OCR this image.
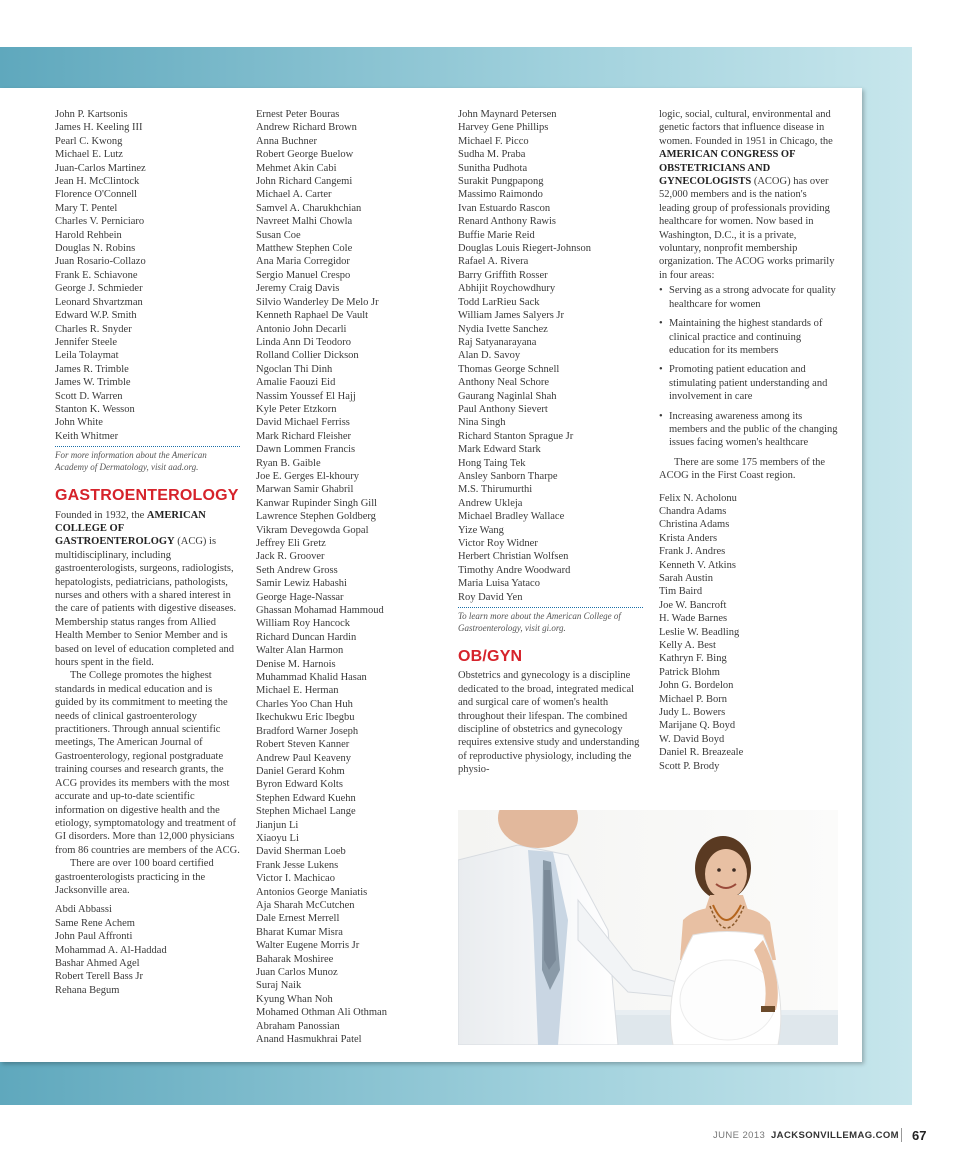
John P. Kartsonis
James H. Keeling III
Pearl C. Kwong
Michael E. Lutz
Juan-Carlos Martinez
Jean H. McClintock
Florence O'Connell
Mary T. Pentel
Charles V. Perniciaro
Harold Rehbein
Douglas N. Robins
Juan Rosario-Collazo
Frank E. Schiavone
George J. Schmieder
Leonard Shvartzman
Edward W.P. Smith
Charles R. Snyder
Jennifer Steele
Leila Tolaymat
James R. Trimble
James W. Trimble
Scott D. Warren
Stanton K. Wesson
John White
Keith Whitmer
For more information about the American Academy of Dermatology, visit aad.org.
GASTROENTEROLOGY

Founded in 1932, the AMERICAN COLLEGE OF GASTROENTEROLOGY (ACG) is multidisciplinary, including gastroenterologists, surgeons, radiologists, hepatologists, pediatricians, pathologists, nurses and others with a shared interest in the care of patients with digestive diseases. Membership status ranges from Allied Health Member to Senior Member and is based on level of education completed and hours spent in the field.

The College promotes the highest standards in medical education and is guided by its commitment to meeting the needs of clinical gastroenterology practitioners. Through annual scientific meetings, The American Journal of Gastroenterology, regional postgraduate training courses and research grants, the ACG provides its members with the most accurate and up-to-date scientific information on digestive health and the etiology, symptomatology and treatment of GI disorders. More than 12,000 physicians from 86 countries are members of the ACG.

There are over 100 board certified gastroenterologists practicing in the Jacksonville area.

Abdi Abbassi
Same Rene Achem
John Paul Affronti
Mohammad A. Al-Haddad
Bashar Ahmed Agel
Robert Terell Bass Jr
Rehana Begum
Ernest Peter Bouras
Andrew Richard Brown
Anna Buchner
Robert George Buelow
Mehmet Akin Cabi
John Richard Cangemi
Michael A. Carter
Samvel A. Charukhchian
Navreet Malhi Chowla
Susan Coe
Matthew Stephen Cole
Ana Maria Corregidor
Sergio Manuel Crespo
Jeremy Craig Davis
Silvio Wanderley De Melo Jr
Kenneth Raphael De Vault
Antonio John Decarli
Linda Ann Di Teodoro
Rolland Collier Dickson
Ngoclan Thi Dinh
Amalie Faouzi Eid
Nassim Youssef El Hajj
Kyle Peter Etzkorn
David Michael Ferriss
Mark Richard Fleisher
Dawn Lommen Francis
Ryan B. Gaible
Joe E. Gerges El-khoury
Marwan Samir Ghabril
Kanwar Rupinder Singh Gill
Lawrence Stephen Goldberg
Vikram Devegowda Gopal
Jeffrey Eli Gretz
Jack R. Groover
Seth Andrew Gross
Samir Lewiz Habashi
George Hage-Nassar
Ghassan Mohamad Hammoud
William Roy Hancock
Richard Duncan Hardin
Walter Alan Harmon
Denise M. Harnois
Muhammad Khalid Hasan
Michael E. Herman
Charles Yoo Chan Huh
Ikechukwu Eric Ibegbu
Bradford Warner Joseph
Robert Steven Kanner
Andrew Paul Keaveny
Daniel Gerard Kohm
Byron Edward Kolts
Stephen Edward Kuehn
Stephen Michael Lange
Jianjun Li
Xiaoyu Li
David Sherman Loeb
Frank Jesse Lukens
Victor I. Machicao
Antonios George Maniatis
Aja Sharah McCutchen
Dale Ernest Merrell
Bharat Kumar Misra
Walter Eugene Morris Jr
Baharak Moshiree
Juan Carlos Munoz
Suraj Naik
Kyung Whan Noh
Mohamed Othman Ali Othman
Abraham Panossian
Anand Hasmukhrai Patel
John Maynard Petersen
Harvey Gene Phillips
Michael F. Picco
Sudha M. Praba
Sunitha Pudhota
Surakit Pungpapong
Massimo Raimondo
Ivan Estuardo Rascon
Renard Anthony Rawis
Buffie Marie Reid
Douglas Louis Riegert-Johnson
Rafael A. Rivera
Barry Griffith Rosser
Abhijit Roychowdhury
Todd LarRieu Sack
William James Salyers Jr
Nydia Ivette Sanchez
Raj Satyanarayana
Alan D. Savoy
Thomas George Schnell
Anthony Neal Schore
Gaurang Naginlal Shah
Paul Anthony Sievert
Nina Singh
Richard Stanton Sprague Jr
Mark Edward Stark
Hong Taing Tek
Ansley Sanborn Tharpe
M.S. Thirumurthi
Andrew Ukleja
Michael Bradley Wallace
Yize Wang
Victor Roy Widner
Herbert Christian Wolfsen
Timothy Andre Woodward
Maria Luisa Yataco
Roy David Yen
To learn more about the American College of Gastroenterology, visit gi.org.
OB/GYN

Obstetrics and gynecology is a discipline dedicated to the broad, integrated medical and surgical care of women's health throughout their lifespan. The combined discipline of obstetrics and gynecology requires extensive study and understanding of reproductive physiology, including the physio-

logic, social, cultural, environmental and genetic factors that influence disease in women. Founded in 1951 in Chicago, the AMERICAN CONGRESS OF OBSTETRICIANS AND GYNECOLOGISTS (ACOG) has over 52,000 members and is the nation's leading group of professionals providing healthcare for women. Now based in Washington, D.C., it is a private, voluntary, nonprofit membership organization. The ACOG works primarily in four areas:

• Serving as a strong advocate for quality healthcare for women
• Maintaining the highest standards of clinical practice and continuing education for its members
• Promoting patient education and stimulating patient understanding and involvement in care
• Increasing awareness among its members and the public of the changing issues facing women's healthcare

There are some 175 members of the ACOG in the First Coast region.

Felix N. Acholonu
Chandra Adams
Christina Adams
Krista Anders
Frank J. Andres
Kenneth V. Atkins
Sarah Austin
Tim Baird
Joe W. Bancroft
H. Wade Barnes
Leslie W. Beadling
Kelly A. Best
Kathryn F. Bing
Patrick Blohm
John G. Bordelon
Michael P. Born
Judy L. Bowers
Marijane Q. Boyd
W. David Boyd
Daniel R. Breazeale
Scott P. Brody
JUNE 2013 JACKSONVILLEMAG.COM 67
